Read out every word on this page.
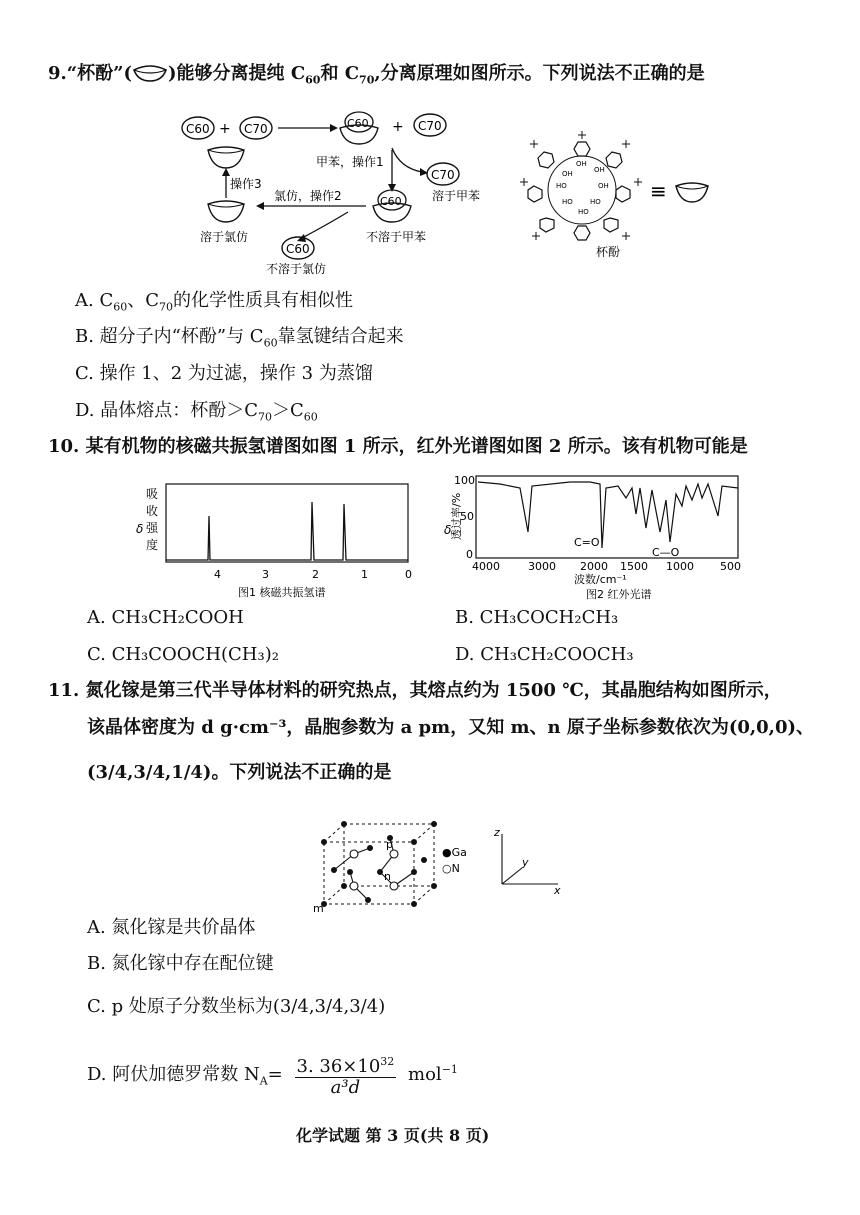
9.“杯酚”( )能够分离提纯 $C_{60}$和 $C_{70}$,分离原理如图所示。下列说法不正确的是
C60 + C70	C60 + C70
甲苯，操作1
C70
溶于甲苯
C60
不溶于甲苯
氯仿，操作2
C60
不溶于氯仿
溶于氯仿
操作3
OH
OH
OH
HO	OH
HO HO
HO
杯酚
≡
A. $C_{60}$、$C_{70}$的化学性质具有相似性
B. 超分子内“杯酚”与 $C_{60}$靠氢键结合起来
C. 操作 1、2 为过滤，操作 3 为蒸馏
D. 晶体熔点：杯酚$>C_{70}>C_{60}$
10. 某有机物的核磁共振氢谱图如图 1 所示，红外光谱图如图 2 所示。该有机物可能是
δ
吸
收
强
度
4	3	2	1	0
图1 核磁共振氢谱
δ
透过率/%
100
50
0
C=O
C—O
4000	3000 2000 1500 1000 500
波数/cm⁻¹
图2 红外光谱
A. CH₃CH₂COOH	B. CH₃COCH₂CH₃
C. CH₃COOCH(CH₃)₂	D. CH₃CH₂COOCH₃
11. 氮化镓是第三代半导体材料的研究热点，其熔点约为 1500 ℃，其晶胞结构如图所示，
该晶体密度为 d g·cm⁻³，晶胞参数为 a pm，又知 m、n 原子坐标参数依次为(0,0,0)、
(3/4,3/4,1/4)。下列说法不正确的是
m
n
p
●Ga
○N
z
y
x
A. 氮化镓是共价晶体
B. 氮化镓中存在配位键
C. p 处原子分数坐标为(3/4,3/4,3/4)
D. 阿伏加德罗常数 $N_A= \frac{3. 36\times 10^{32}}{\text{a³d}} mol^{-1}$
化学试题 第 3 页(共 8 页)
